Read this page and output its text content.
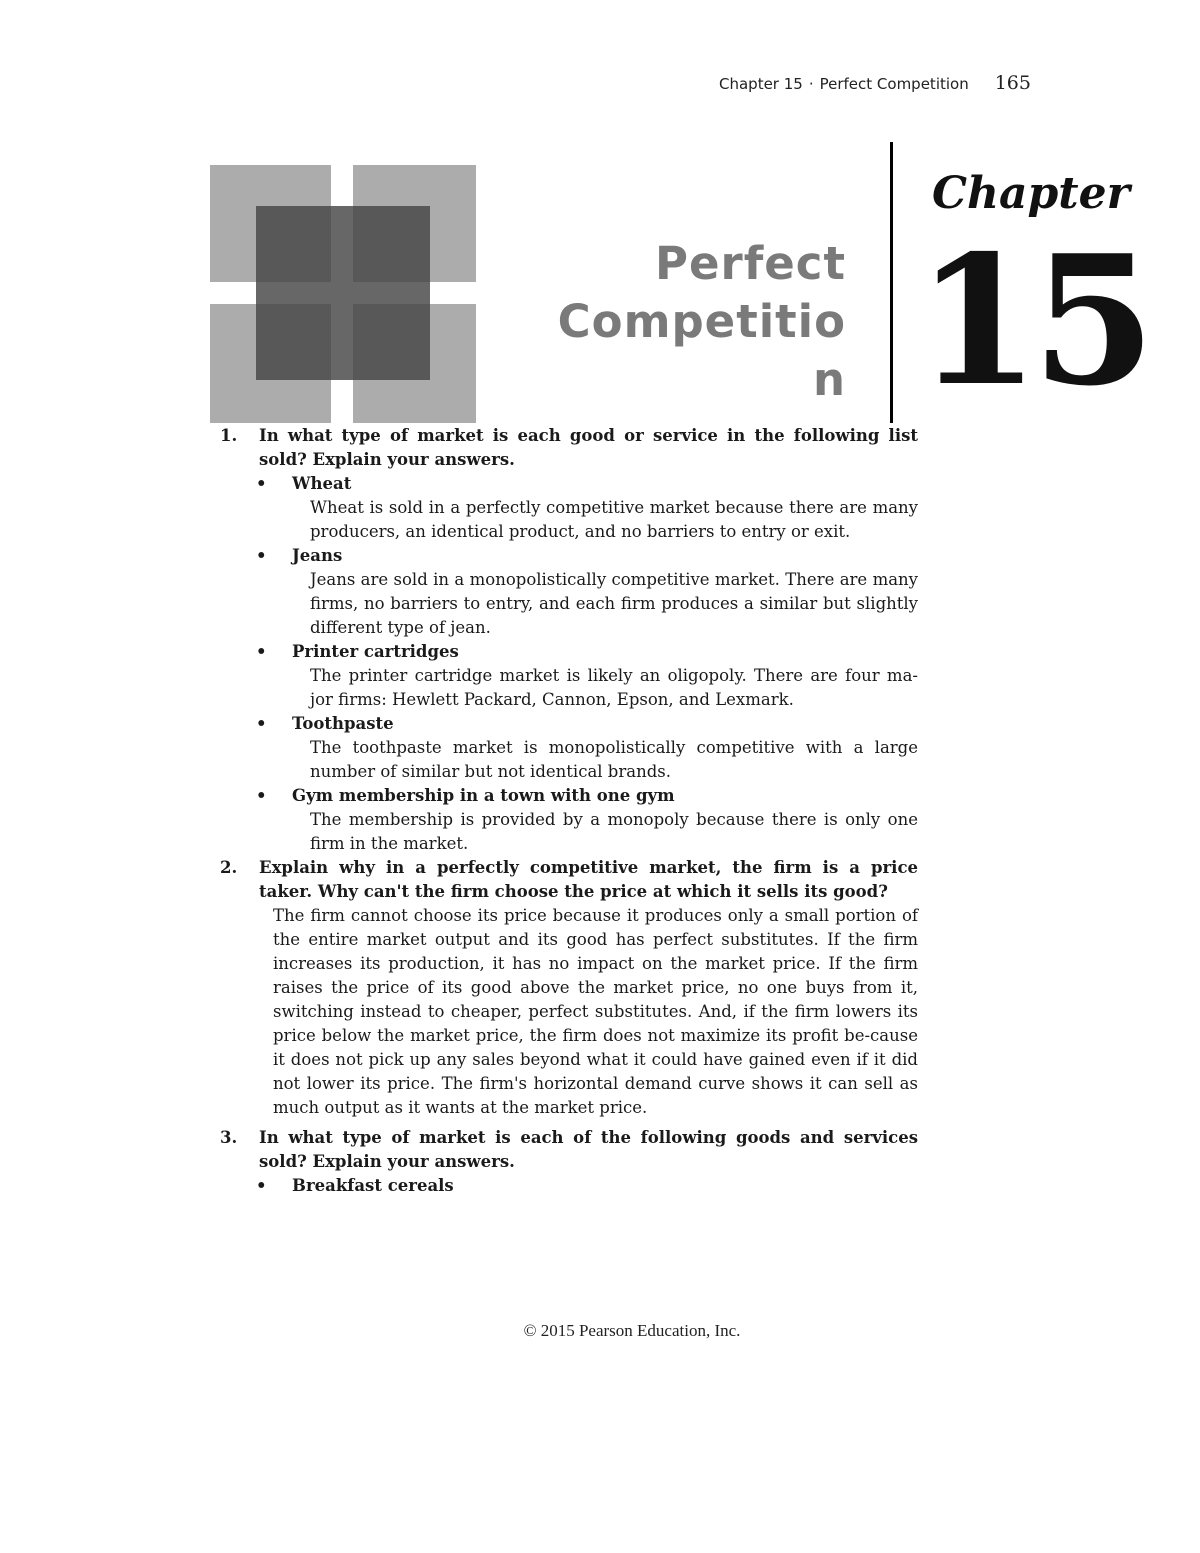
Chapter 15 · Perfect Competition 165
Perfect
Competitio
n
Chapter
15
1. In what type of market is each good or service in the following list sold? Explain your answers.
• Wheat
Wheat is sold in a perfectly competitive market because there are many producers, an identical product, and no barriers to entry or exit.
• Jeans
Jeans are sold in a monopolistically competitive market. There are many firms, no barriers to entry, and each firm produces a similar but slightly different type of jean.
• Printer cartridges
The printer cartridge market is likely an oligopoly. There are four ma-jor firms: Hewlett Packard, Cannon, Epson, and Lexmark.
• Toothpaste
The toothpaste market is monopolistically competitive with a large number of similar but not identical brands.
• Gym membership in a town with one gym
The membership is provided by a monopoly because there is only one firm in the market.
2. Explain why in a perfectly competitive market, the firm is a price taker. Why can't the firm choose the price at which it sells its good?
The firm cannot choose its price because it produces only a small portion of the entire market output and its good has perfect substitutes. If the firm increases its production, it has no impact on the market price. If the firm raises the price of its good above the market price, no one buys from it, switching instead to cheaper, perfect substitutes. And, if the firm lowers its price below the market price, the firm does not maximize its profit be-cause it does not pick up any sales beyond what it could have gained even if it did not lower its price. The firm's horizontal demand curve shows it can sell as much output as it wants at the market price.
3. In what type of market is each of the following goods and services sold? Explain your answers.
• Breakfast cereals
© 2015 Pearson Education, Inc.
